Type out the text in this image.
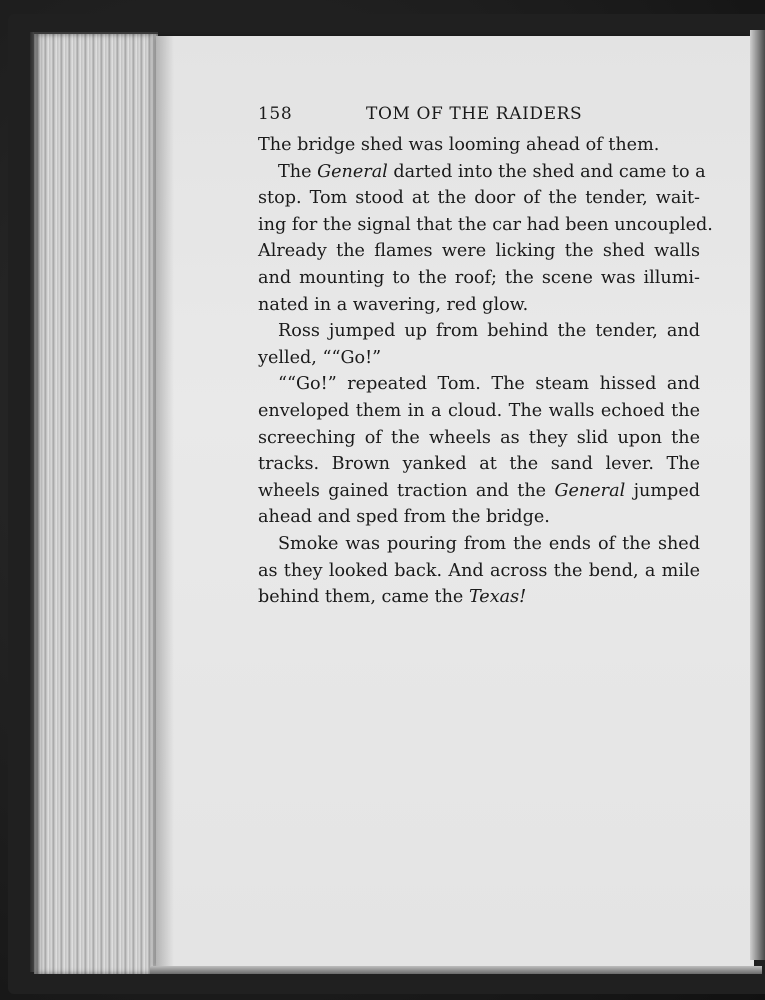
158	TOM OF THE RAIDERS

The bridge shed was looming ahead of them.

The General darted into the shed and came to a
stop. Tom stood at the door of the tender, wait-
ing for the signal that the car had been uncoupled.
Already the flames were licking the shed walls
and mounting to the roof; the scene was illumi-
nated in a wavering, red glow.

Ross jumped up from behind the tender, and
yelled, ““Go!”

““Go!” repeated Tom. The steam hissed and
enveloped them in a cloud. The walls echoed the
screeching of the wheels as they slid upon the
tracks. Brown yanked at the sand lever. The
wheels gained traction and the General jumped
ahead and sped from the bridge.

Smoke was pouring from the ends of the shed
as they looked back. And across the bend, a mile
behind them, came the Texas!
